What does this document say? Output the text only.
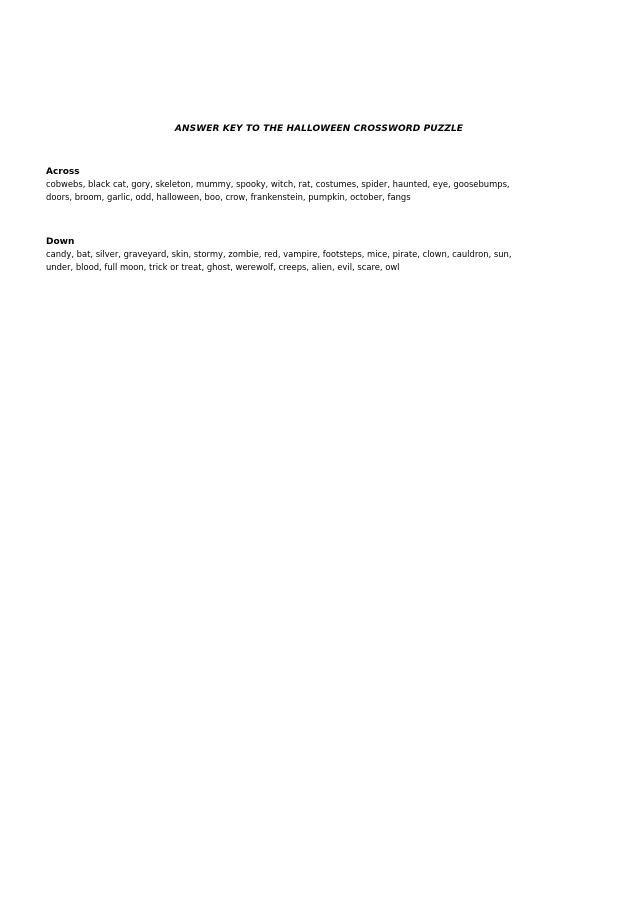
ANSWER KEY TO THE HALLOWEEN CROSSWORD PUZZLE

Across

cobwebs, black cat, gory, skeleton, mummy, spooky, witch, rat, costumes, spider, haunted, eye, goosebumps,

doors, broom, garlic, odd, halloween, boo, crow, frankenstein, pumpkin, october, fangs

Down

candy, bat, silver, graveyard, skin, stormy, zombie, red, vampire, footsteps, mice, pirate, clown, cauldron, sun,

under, blood, full moon, trick or treat, ghost, werewolf, creeps, alien, evil, scare, owl
